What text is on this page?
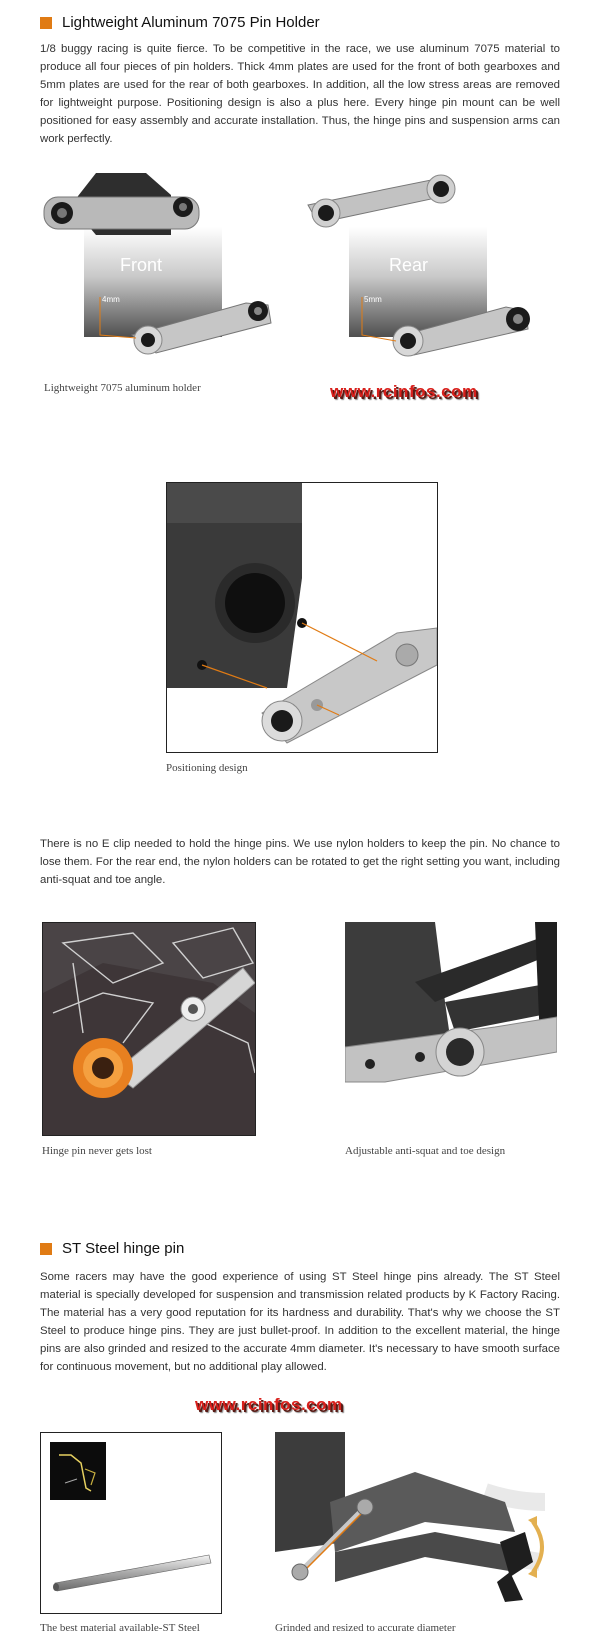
Lightweight Aluminum 7075 Pin Holder
1/8 buggy racing is quite fierce. To be competitive in the race, we use aluminum 7075 material to produce all four pieces of pin holders. Thick 4mm plates are used for the front of both gearboxes and 5mm plates are used for the rear of both gearboxes. In addition, all the low stress areas are removed for lightweight purpose. Positioning design is also a plus here. Every hinge pin mount can be well positioned for easy assembly and accurate installation. Thus, the hinge pins and suspension arms can work perfectly.
Front	Rear
4mm	5mm
Lightweight 7075 aluminum holder	www.rcinfos.com
Positioning design
There is no E clip needed to hold the hinge pins. We use nylon holders to keep the pin. No chance to lose them. For the rear end, the nylon holders can be rotated to get the right setting you want, including anti-squat and toe angle.
Hinge pin never gets lost	Adjustable anti-squat and toe design
ST Steel hinge pin
Some racers may have the good experience of using ST Steel hinge pins already. The ST Steel material is specially developed for suspension and transmission related products by K Factory Racing. The material has a very good reputation for its hardness and durability. That's why we choose the ST Steel to produce hinge pins. They are just bullet-proof. In addition to the excellent material, the hinge pins are also grinded and resized to the accurate 4mm diameter. It's necessary to have smooth surface for continuous movement, but no additional play allowed.
www.rcinfos.com
The best material available-ST Steel	Grinded and resized to accurate diameter
